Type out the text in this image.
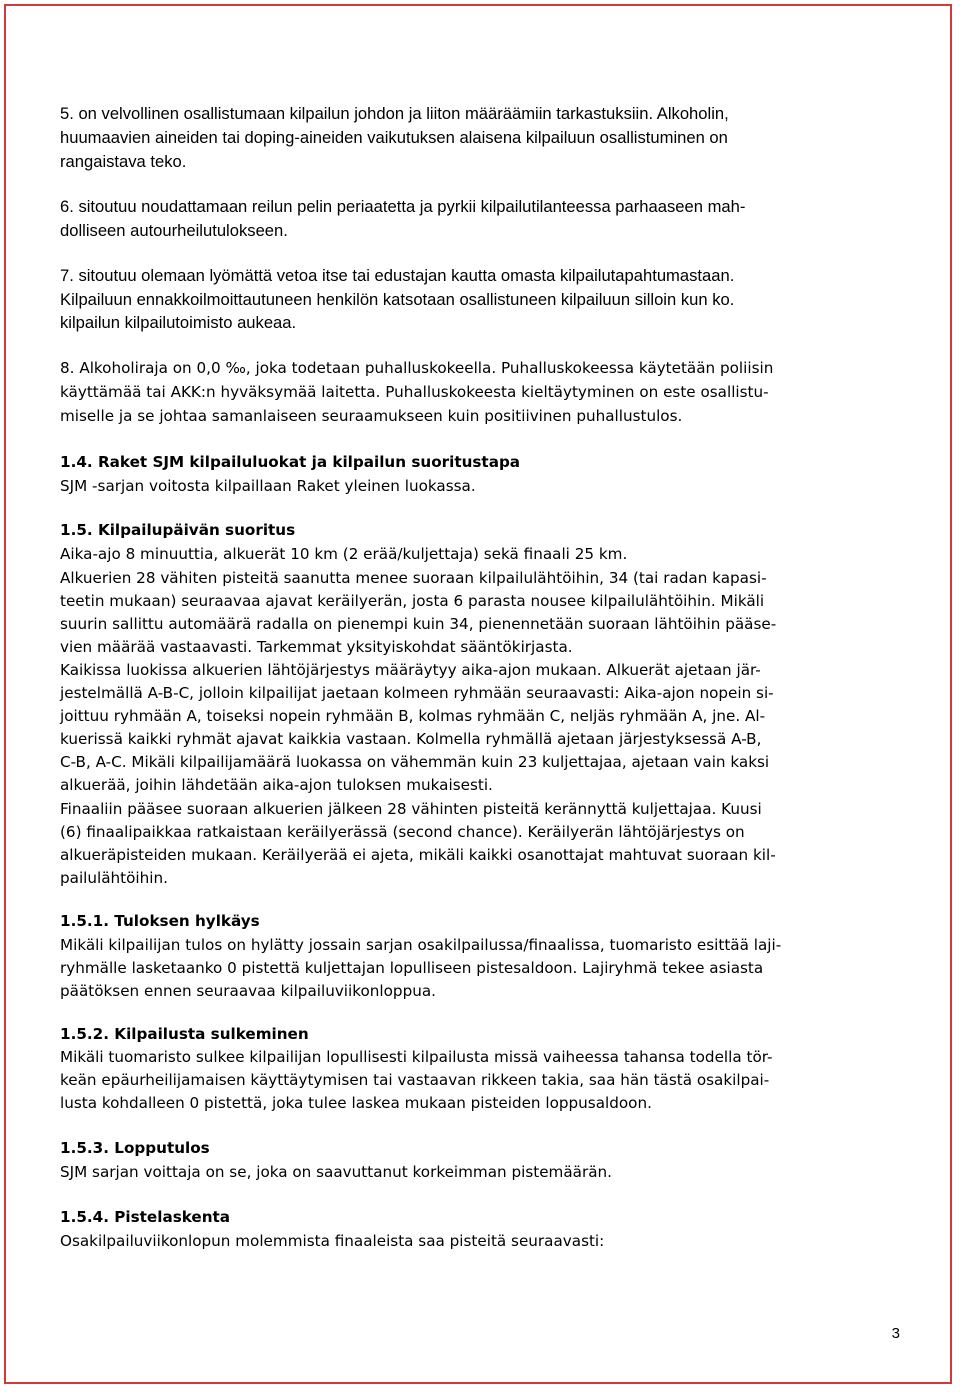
5. on velvollinen osallistumaan kilpailun johdon ja liiton määräämiin tarkastuksiin. Alkoholin,
huumaavien aineiden tai doping-aineiden vaikutuksen alaisena kilpailuun osallistuminen on
rangaistava teko.
6. sitoutuu noudattamaan reilun pelin periaatetta ja pyrkii kilpailutilanteessa parhaaseen mah-
dolliseen autourheilutulokseen.
7. sitoutuu olemaan lyömättä vetoa itse tai edustajan kautta omasta kilpailutapahtumastaan.
Kilpailuun ennakkoilmoittautuneen henkilön katsotaan osallistuneen kilpailuun silloin kun ko.
kilpailun kilpailutoimisto aukeaa.
8. Alkoholiraja on 0,0 ‰, joka todetaan puhalluskokeella. Puhalluskokeessa käytetään poliisin
käyttämää tai AKK:n hyväksymää laitetta. Puhalluskokeesta kieltäytyminen on este osallistu-
miselle ja se johtaa samanlaiseen seuraamukseen kuin positiivinen puhallustulos.
1.4. Raket SJM kilpailuluokat ja kilpailun suoritustapa
SJM -sarjan voitosta kilpaillaan Raket yleinen luokassa.
1.5. Kilpailupäivän suoritus
Aika-ajo 8 minuuttia, alkuerät 10 km (2 erää/kuljettaja) sekä finaali 25 km.
Alkuerien 28 vähiten pisteitä saanutta menee suoraan kilpailulähtöihin, 34 (tai radan kapasi-
teetin mukaan) seuraavaa ajavat keräilyerän, josta 6 parasta nousee kilpailulähtöihin. Mikäli
suurin sallittu automäärä radalla on pienempi kuin 34, pienennetään suoraan lähtöihin pääse-
vien määrää vastaavasti. Tarkemmat yksityiskohdat sääntökirjasta.
Kaikissa luokissa alkuerien lähtöjärjestys määräytyy aika-ajon mukaan. Alkuerät ajetaan jär-
jestelmällä A-B-C, jolloin kilpailijat jaetaan kolmeen ryhmään seuraavasti: Aika-ajon nopein si-
joittuu ryhmään A, toiseksi nopein ryhmään B, kolmas ryhmään C, neljäs ryhmään A, jne. Al-
kuerissä kaikki ryhmät ajavat kaikkia vastaan. Kolmella ryhmällä ajetaan järjestyksessä A-B,
C-B, A-C. Mikäli kilpailijamäärä luokassa on vähemmän kuin 23 kuljettajaa, ajetaan vain kaksi
alkuerää, joihin lähdetään aika-ajon tuloksen mukaisesti.
Finaaliin pääsee suoraan alkuerien jälkeen 28 vähinten pisteitä kerännyttä kuljettajaa. Kuusi
(6) finaalipaikkaa ratkaistaan keräilyerässä (second chance). Keräilyerän lähtöjärjestys on
alkueräpisteiden mukaan. Keräilyerää ei ajeta, mikäli kaikki osanottajat mahtuvat suoraan kil-
pailulähtöihin.
1.5.1. Tuloksen hylkäys
Mikäli kilpailijan tulos on hylätty jossain sarjan osakilpailussa/finaalissa, tuomaristo esittää laji-
ryhmälle lasketaanko 0 pistettä kuljettajan lopulliseen pistesaldoon. Lajiryhmä tekee asiasta
päätöksen ennen seuraavaa kilpailuviikonloppua.
1.5.2. Kilpailusta sulkeminen
Mikäli tuomaristo sulkee kilpailijan lopullisesti kilpailusta missä vaiheessa tahansa todella tör-
keän epäurheilijamaisen käyttäytymisen tai vastaavan rikkeen takia, saa hän tästä osakilpai-
lusta kohdalleen 0 pistettä, joka tulee laskea mukaan pisteiden loppusaldoon.
1.5.3. Lopputulos
SJM sarjan voittaja on se, joka on saavuttanut korkeimman pistemäärän.
1.5.4. Pistelaskenta
Osakilpailuviikonlopun molemmista finaaleista saa pisteitä seuraavasti:
3
